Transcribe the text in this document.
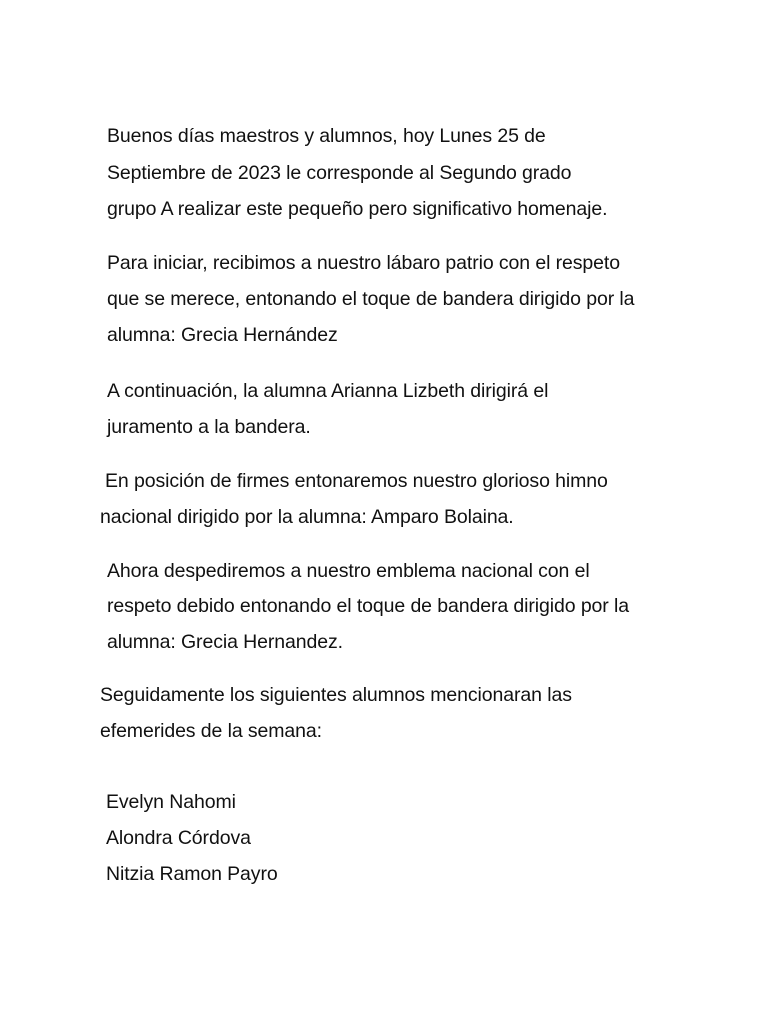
Buenos días maestros y alumnos, hoy Lunes 25 de
Septiembre de 2023 le corresponde al Segundo grado
grupo A realizar este pequeño pero significativo homenaje.
Para iniciar, recibimos a nuestro lábaro patrio con el respeto
que se merece, entonando el toque de bandera dirigido por la
alumna: Grecia Hernández
A continuación, la alumna Arianna Lizbeth dirigirá el
juramento a la bandera.
En posición de firmes entonaremos nuestro glorioso himno
nacional dirigido por la alumna: Amparo Bolaina.
Ahora despediremos a nuestro emblema nacional con el
respeto debido entonando el toque de bandera dirigido por la
alumna: Grecia Hernandez.
Seguidamente los siguientes alumnos mencionaran las
efemerides de la semana:
Evelyn Nahomi
Alondra Córdova
Nitzia Ramon Payro
